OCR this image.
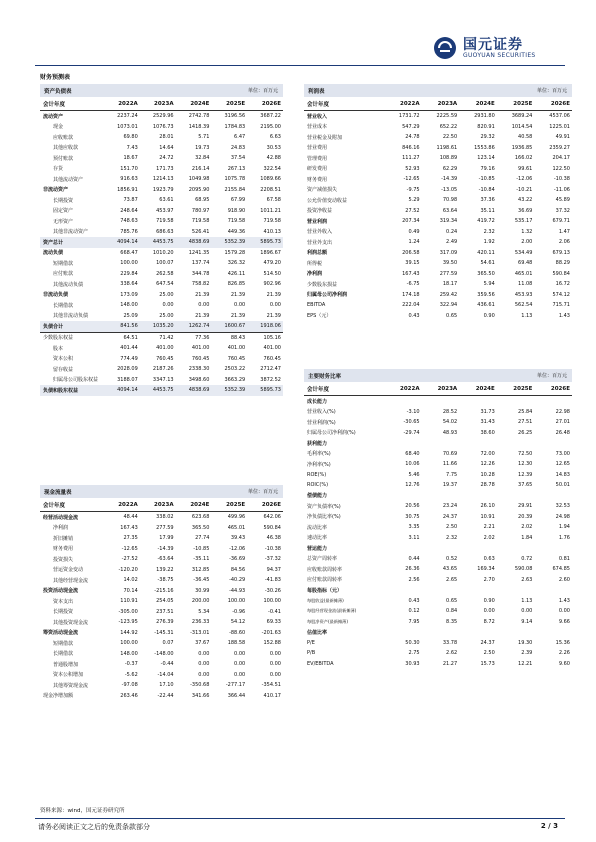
国元证券
GUOYUAN SECURITIES
财务预测表
资产负债表	单位：百万元
会计年度	2022A	2023A	2024E	2025E	2026E
流动资产	2237.24	2529.96	2742.78	3196.56	3687.22
现金	1073.01	1076.73	1418.39	1784.83	2195.00
应收账款	69.80	28.01	5.71	6.47	6.63
其他应收款	7.43	14.64	19.73	24.83	30.53
预付账款	18.67	24.72	32.84	37.54	42.88
存货	151.70	171.73	216.14	267.13	322.54
其他流动资产	916.63	1214.13	1049.98	1075.78	1089.66
非流动资产	1856.91	1923.79	2095.90	2155.84	2208.51
长期投资	73.87	63.61	68.95	67.99	67.58
固定资产	248.64	453.97	780.97	918.90	1011.21
无形资产	748.63	719.58	719.58	719.58	719.58
其他非流动资产	785.76	686.63	526.41	449.36	410.13
资产总计	4094.14	4453.75	4838.69	5352.39	5895.73
流动负债	668.47	1010.20	1241.35	1579.28	1896.67
短期借款	100.00	100.07	137.74	326.32	479.20
应付账款	229.84	262.58	344.78	426.11	514.50
其他流动负债	338.64	647.54	758.82	826.85	902.96
非流动负债	173.09	25.00	21.39	21.39	21.39
长期借款	148.00	0.00	0.00	0.00	0.00
其他非流动负债	25.09	25.00	21.39	21.39	21.39
负债合计	841.56	1035.20	1262.74	1600.67	1918.06
少数股东权益	64.51	71.42	77.36	88.43	105.16
股本	401.44	401.00	401.00	401.00	401.00
资本公积	774.49	760.45	760.45	760.45	760.45
留存收益	2028.09	2187.26	2338.30	2503.22	2712.47
归属母公司股东权益	3188.07	3347.13	3498.60	3663.29	3872.52
负债和股东权益	4094.14	4453.75	4838.69	5352.39	5895.73
现金流量表	单位：百万元
会计年度	2022A	2023A	2024E	2025E	2026E
经营活动现金流	48.44	338.02	623.68	499.96	642.06
净利润	167.43	277.59	365.50	465.01	590.84
折旧摊销	27.35	17.99	27.74	39.43	46.38
财务费用	-12.65	-14.39	-10.85	-12.06	-10.38
投资损失	-27.52	-63.64	-35.11	-36.69	-37.32
营运资金变动	-120.20	139.22	312.85	84.56	94.37
其他经营现金流	14.02	-38.75	-36.45	-40.29	-41.83
投资活动现金流	70.14	-215.16	30.99	-44.93	-30.26
资本支出	110.91	254.05	200.00	100.00	100.00
长期投资	-305.00	237.51	5.34	-0.96	-0.41
其他投资现金流	-123.95	276.39	236.33	54.12	69.33
筹资活动现金流	144.92	-145.31	-313.01	-88.60	-201.63
短期借款	100.00	0.07	37.67	188.58	152.88
长期借款	148.00	-148.00	0.00	0.00	0.00
普通股增加	-0.37	-0.44	0.00	0.00	0.00
资本公积增加	-5.62	-14.04	0.00	0.00	0.00
其他筹资现金流	-97.08	17.10	-350.68	-277.17	-354.51
现金净增加额	263.46	-22.44	341.66	366.44	410.17
利润表	单位：百万元
会计年度	2022A	2023A	2024E	2025E	2026E
营业收入	1731.72	2225.59	2931.80	3689.24	4537.06
营业成本	547.29	652.22	820.91	1014.54	1225.01
营业税金及附加	24.78	22.50	29.32	40.58	49.91
营业费用	846.16	1198.61	1553.86	1936.85	2359.27
管理费用	111.27	108.89	123.14	166.02	204.17
研发费用	52.93	62.29	79.16	99.61	122.50
财务费用	-12.65	-14.39	-10.85	-12.06	-10.38
资产减值损失	-9.75	-13.05	-10.84	-10.21	-11.06
公允价值变动收益	5.29	70.98	37.36	43.22	45.89
投资净收益	27.52	63.64	35.11	36.69	37.32
营业利润	207.34	319.34	419.72	535.17	679.71
营业外收入	0.49	0.24	2.32	1.32	1.47
营业外支出	1.24	2.49	1.92	2.00	2.06
利润总额	206.58	317.09	420.11	534.49	679.13
所得税	39.15	39.50	54.61	69.48	88.29
净利润	167.43	277.59	365.50	465.01	590.84
少数股东损益	-6.75	18.17	5.94	11.08	16.72
归属母公司净利润	174.18	259.42	359.56	453.93	574.12
EBITDA	222.04	322.94	436.61	562.54	715.71
EPS（元）	0.43	0.65	0.90	1.13	1.43
主要财务比率	单位：百万元
会计年度	2022A	2023A	2024E	2025E	2026E
成长能力
营业收入(%)	-3.10	28.52	31.73	25.84	22.98
营业利润(%)	-30.65	54.02	31.43	27.51	27.01
归属母公司净利润(%)	-29.74	48.93	38.60	26.25	26.48
获利能力
毛利率(%)	68.40	70.69	72.00	72.50	73.00
净利率(%)	10.06	11.66	12.26	12.30	12.65
ROE(%)	5.46	7.75	10.28	12.39	14.83
ROIC(%)	12.76	19.37	28.78	37.65	50.01
偿债能力
资产负债率(%)	20.56	23.24	26.10	29.91	32.53
净负债比率(%)	30.75	24.37	10.91	20.39	24.98
流动比率	3.35	2.50	2.21	2.02	1.94
速动比率	3.11	2.32	2.02	1.84	1.76
营运能力
总资产周转率	0.44	0.52	0.63	0.72	0.81
应收账款周转率	26.36	43.65	169.34	590.08	674.85
应付账款周转率	2.56	2.65	2.70	2.63	2.60
每股指标（元）
每股收益(最新摊薄)	0.43	0.65	0.90	1.13	1.43
每股经营现金流(最新摊薄)	0.12	0.84	0.00	0.00	0.00
每股净资产(最新摊薄)	7.95	8.35	8.72	9.14	9.66
估值比率
P/E	50.30	33.78	24.37	19.30	15.36
P/B	2.75	2.62	2.50	2.39	2.26
EV/EBITDA	30.93	21.27	15.73	12.21	9.60
资料来源：wind，国元证券研究所
请务必阅读正文之后的免责条款部分	2 / 3
